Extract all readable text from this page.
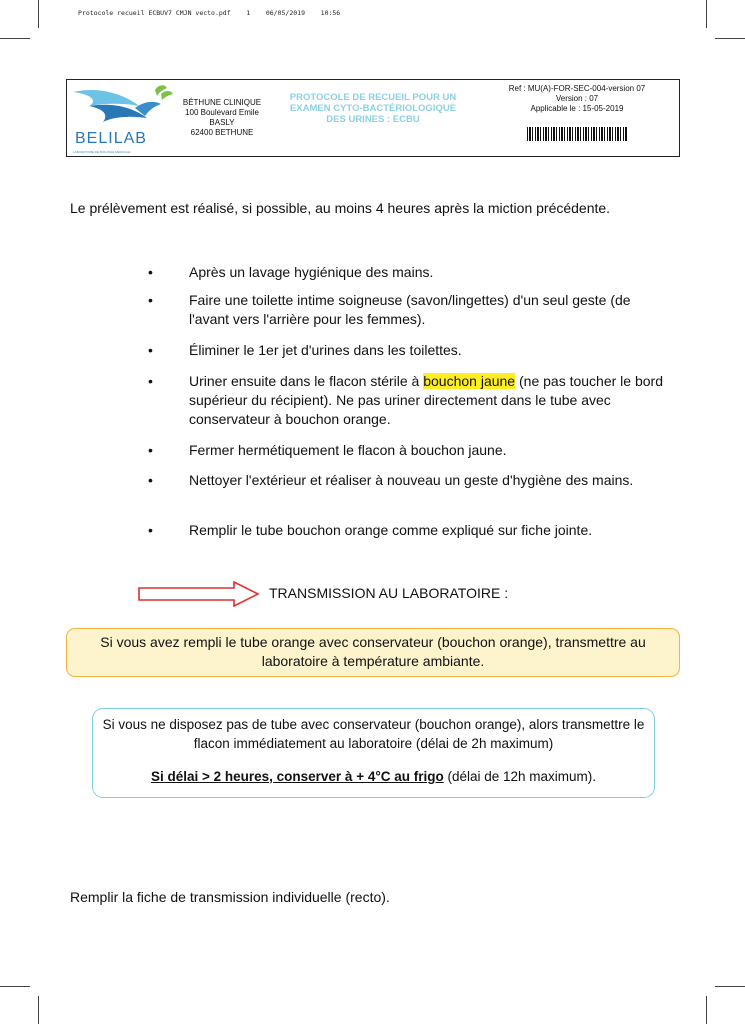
Protocole recueil ECBUV7 CMJN vecto.pdf 1 06/05/2019 10:56
BELILAB
LABORATOIRE DE BIOLOGIE MÉDICALE
BÉTHUNE CLINIQUE
100 Boulevard Emile
BASLY
62400 BETHUNE
PROTOCOLE DE RECUEIL POUR UN
EXAMEN CYTO-BACTÉRIOLOGIQUE
DES URINES : ECBU
Ref : MU(A)-FOR-SEC-004-version 07
Version : 07
Applicable le : 15-05-2019
Le prélèvement est réalisé, si possible, au moins 4 heures après la miction précédente.
•	Après un lavage hygiénique des mains.
•	Faire une toilette intime soigneuse (savon/lingettes) d'un seul geste (de l'avant vers l'arrière pour les femmes).
•	Éliminer le 1er jet d'urines dans les toilettes.
•	Uriner ensuite dans le flacon stérile à bouchon jaune (ne pas toucher le bord supérieur du récipient). Ne pas uriner directement dans le tube avec conservateur à bouchon orange.
•	Fermer hermétiquement le flacon à bouchon jaune.
•	Nettoyer l'extérieur et réaliser à nouveau un geste d'hygiène des mains.
•	Remplir le tube bouchon orange comme expliqué sur fiche jointe.
TRANSMISSION AU LABORATOIRE :
Si vous avez rempli le tube orange avec conservateur (bouchon orange), transmettre au laboratoire à température ambiante.
Si vous ne disposez pas de tube avec conservateur (bouchon orange), alors transmettre le flacon immédiatement au laboratoire (délai de 2h maximum)
Si délai > 2 heures, conserver à + 4°C au frigo (délai de 12h maximum).
Remplir la fiche de transmission individuelle (recto).
